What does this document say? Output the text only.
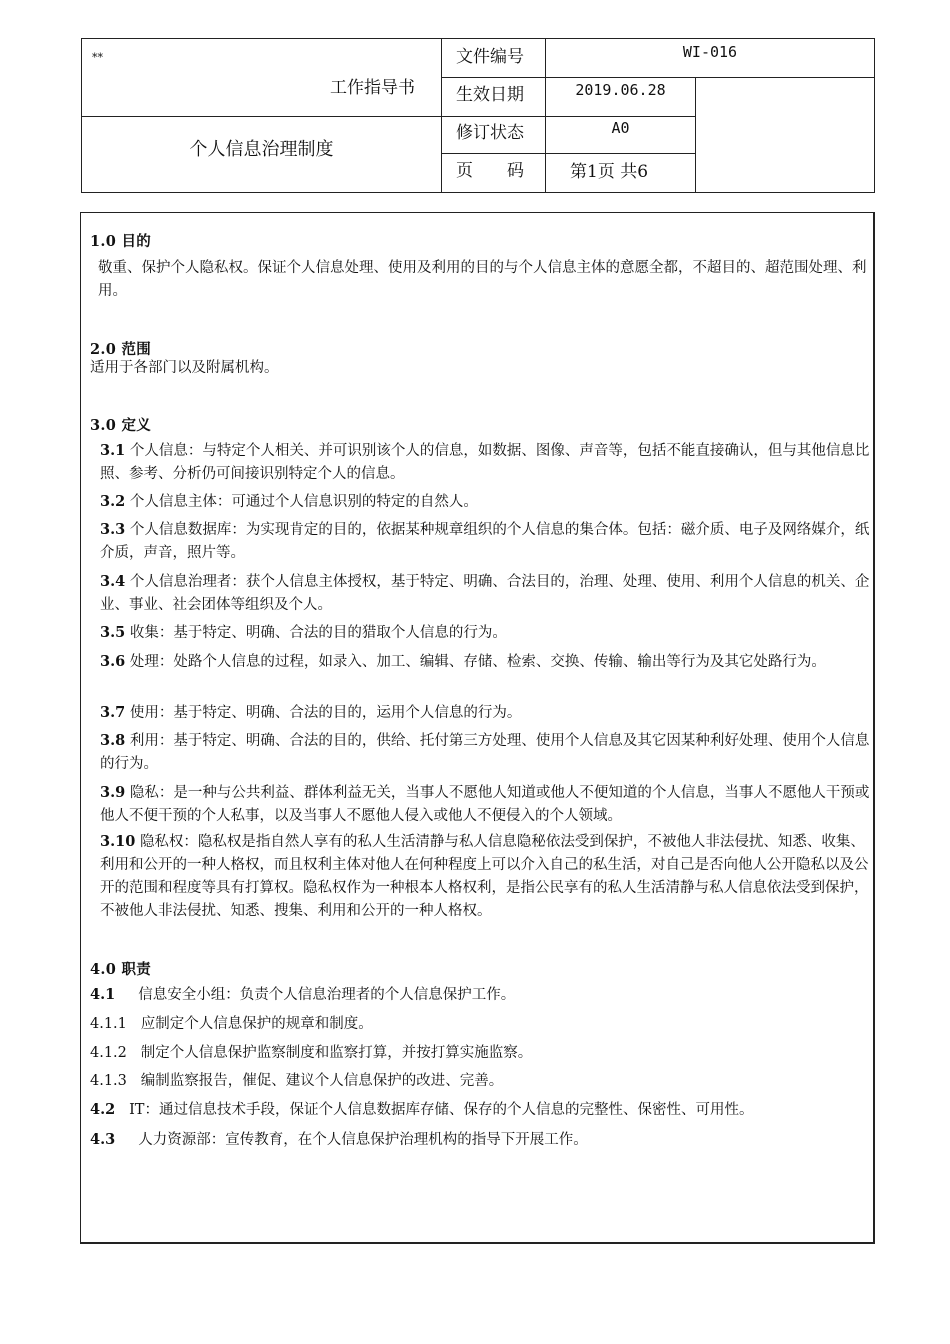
**
工作指导书
个人信息治理制度
文件编号
生效日期
修订状态
页　　码
WI-016
2019.06.28
A0
第1页 共6
1.0 目的
敬重、保护个人隐私权。保证个人信息处理、使用及利用的目的与个人信息主体的意愿全都，不超目的、超范围处理、利用。
2.0 范围
适用于各部门以及附属机构。
3.0 定义
3.1 个人信息：与特定个人相关、并可识别该个人的信息，如数据、图像、声音等，包括不能直接确认，但与其他信息比照、参考、分析仍可间接识别特定个人的信息。
3.2 个人信息主体：可通过个人信息识别的特定的自然人。
3.3 个人信息数据库：为实现肯定的目的，依据某种规章组织的个人信息的集合体。包括：磁介质、电子及网络媒介，纸介质，声音，照片等。
3.4 个人信息治理者：获个人信息主体授权，基于特定、明确、合法目的，治理、处理、使用、利用个人信息的机关、企业、事业、社会团体等组织及个人。
3.5 收集：基于特定、明确、合法的目的猎取个人信息的行为。
3.6 处理：处路个人信息的过程，如录入、加工、编辑、存储、检索、交换、传输、输出等行为及其它处路行为。
3.7 使用：基于特定、明确、合法的目的，运用个人信息的行为。
3.8 利用：基于特定、明确、合法的目的，供给、托付第三方处理、使用个人信息及其它因某种利好处理、使用个人信息的行为。
3.9 隐私：是一种与公共利益、群体利益无关，当事人不愿他人知道或他人不便知道的个人信息，当事人不愿他人干预或他人不便干预的个人私事，以及当事人不愿他人侵入或他人不便侵入的个人领域。
3.10 隐私权：隐私权是指自然人享有的私人生活清静与私人信息隐秘依法受到保护，不被他人非法侵扰、知悉、收集、利用和公开的一种人格权，而且权利主体对他人在何种程度上可以介入自己的私生活，对自己是否向他人公开隐私以及公开的范围和程度等具有打算权。隐私权作为一种根本人格权利，是指公民享有的私人生活清静与私人信息依法受到保护，不被他人非法侵扰、知悉、搜集、利用和公开的一种人格权。
4.0 职责
4.1 信息安全小组：负责个人信息治理者的个人信息保护工作。
4.1.1 应制定个人信息保护的规章和制度。
4.1.2 制定个人信息保护监察制度和监察打算，并按打算实施监察。
4.1.3 编制监察报告，催促、建议个人信息保护的改进、完善。
4.2 IT：通过信息技术手段，保证个人信息数据库存储、保存的个人信息的完整性、保密性、可用性。
4.3 人力资源部：宣传教育，在个人信息保护治理机构的指导下开展工作。
